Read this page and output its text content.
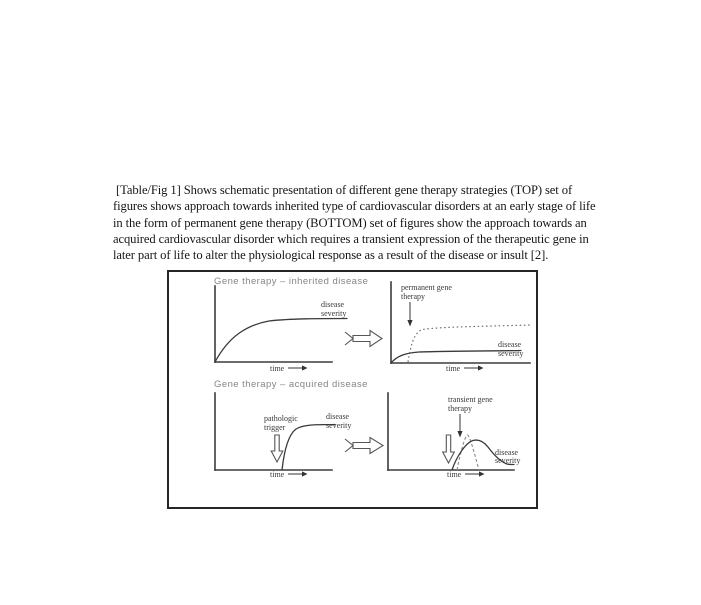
[Table/Fig 1] Shows schematic presentation of different gene therapy strategies (TOP) set of
figures shows approach towards inherited type of cardiovascular disorders at an early stage of life
in the form of permanent gene therapy (BOTTOM) set of figures show the approach towards an
acquired cardiovascular disorder which requires a transient expression of the therapeutic gene in
later part of life to alter the physiological response as a result of the disease or insult [2].
Gene therapy – inherited disease
disease
severity
time
permanent gene
therapy
disease
severity
time
Gene therapy – acquired disease
pathologic
trigger
disease
severity
time
transient gene
therapy
disease
severity
time
